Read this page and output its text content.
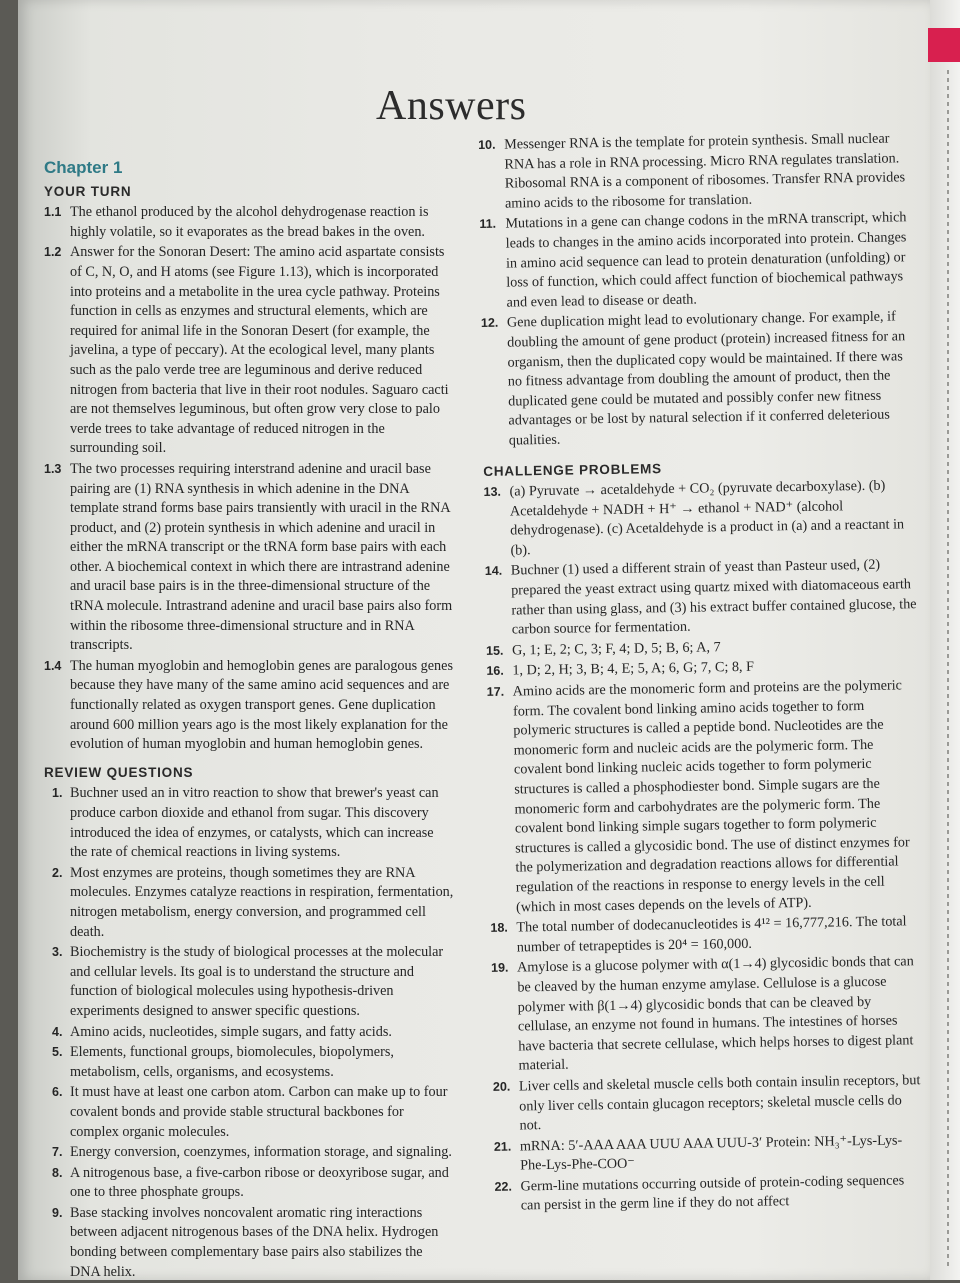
Answers
Chapter 1
YOUR TURN
1.1 The ethanol produced by the alcohol dehydrogenase reaction is highly volatile, so it evaporates as the bread bakes in the oven.

1.2 Answer for the Sonoran Desert: The amino acid aspartate consists of C, N, O, and H atoms (see Figure 1.13), which is incorporated into proteins and a metabolite in the urea cycle pathway. Proteins function in cells as enzymes and structural elements, which are required for animal life in the Sonoran Desert (for example, the javelina, a type of peccary). At the ecological level, many plants such as the palo verde tree are leguminous and derive reduced nitrogen from bacteria that live in their root nodules. Saguaro cacti are not themselves leguminous, but often grow very close to palo verde trees to take advantage of reduced nitrogen in the surrounding soil.

1.3 The two processes requiring interstrand adenine and uracil base pairing are (1) RNA synthesis in which adenine in the DNA template strand forms base pairs transiently with uracil in the RNA product, and (2) protein synthesis in which adenine and uracil in either the mRNA transcript or the tRNA form base pairs with each other. A biochemical context in which there are intrastrand adenine and uracil base pairs is in the three-dimensional structure of the tRNA molecule. Intrastrand adenine and uracil base pairs also form within the ribosome three-dimensional structure and in RNA transcripts.

1.4 The human myoglobin and hemoglobin genes are paralogous genes because they have many of the same amino acid sequences and are functionally related as oxygen transport genes. Gene duplication around 600 million years ago is the most likely explanation for the evolution of human myoglobin and human hemoglobin genes.

REVIEW QUESTIONS
1. Buchner used an in vitro reaction to show that brewer's yeast can produce carbon dioxide and ethanol from sugar. This discovery introduced the idea of enzymes, or catalysts, which can increase the rate of chemical reactions in living systems.

2. Most enzymes are proteins, though sometimes they are RNA molecules. Enzymes catalyze reactions in respiration, fermentation, nitrogen metabolism, energy conversion, and programmed cell death.

3. Biochemistry is the study of biological processes at the molecular and cellular levels. Its goal is to understand the structure and function of biological molecules using hypothesis-driven experiments designed to answer specific questions.

4. Amino acids, nucleotides, simple sugars, and fatty acids.

5. Elements, functional groups, biomolecules, biopolymers, metabolism, cells, organisms, and ecosystems.

6. It must have at least one carbon atom. Carbon can make up to four covalent bonds and provide stable structural backbones for complex organic molecules.

7. Energy conversion, coenzymes, information storage, and signaling.

8. A nitrogenous base, a five-carbon ribose or deoxyribose sugar, and one to three phosphate groups.

9. Base stacking involves noncovalent aromatic ring interactions between adjacent nitrogenous bases of the DNA helix. Hydrogen bonding between complementary base pairs also stabilizes the DNA helix.

10. Messenger RNA is the template for protein synthesis. Small nuclear RNA has a role in RNA processing. Micro RNA regulates translation. Ribosomal RNA is a component of ribosomes. Transfer RNA provides amino acids to the ribosome for translation.

11. Mutations in a gene can change codons in the mRNA transcript, which leads to changes in the amino acids incorporated into protein. Changes in amino acid sequence can lead to protein denaturation (unfolding) or loss of function, which could affect function of biochemical pathways and even lead to disease or death.

12. Gene duplication might lead to evolutionary change. For example, if doubling the amount of gene product (protein) increased fitness for an organism, then the duplicated copy would be maintained. If there was no fitness advantage from doubling the amount of product, then the duplicated gene could be mutated and possibly confer new fitness advantages or be lost by natural selection if it conferred deleterious qualities.

CHALLENGE PROBLEMS
13. (a) Pyruvate → acetaldehyde + CO₂ (pyruvate decarboxylase). (b) Acetaldehyde + NADH + H⁺ → ethanol + NAD⁺ (alcohol dehydrogenase). (c) Acetaldehyde is a product in (a) and a reactant in (b).

14. Buchner (1) used a different strain of yeast than Pasteur used, (2) prepared the yeast extract using quartz mixed with diatomaceous earth rather than using glass, and (3) his extract buffer contained glucose, the carbon source for fermentation.

15. G, 1; E, 2; C, 3; F, 4; D, 5; B, 6; A, 7

16. 1, D; 2, H; 3, B; 4, E; 5, A; 6, G; 7, C; 8, F

17. Amino acids are the monomeric form and proteins are the polymeric form. The covalent bond linking amino acids together to form polymeric structures is called a peptide bond. Nucleotides are the monomeric form and nucleic acids are the polymeric form. The covalent bond linking nucleic acids together to form polymeric structures is called a phosphodiester bond. Simple sugars are the monomeric form and carbohydrates are the polymeric form. The covalent bond linking simple sugars together to form polymeric structures is called a glycosidic bond. The use of distinct enzymes for the polymerization and degradation reactions allows for differential regulation of the reactions in response to energy levels in the cell (which in most cases depends on the levels of ATP).

18. The total number of dodecanucleotides is 4¹² = 16,777,216. The total number of tetrapeptides is 20⁴ = 160,000.

19. Amylose is a glucose polymer with α(1→4) glycosidic bonds that can be cleaved by the human enzyme amylase. Cellulose is a glucose polymer with β(1→4) glycosidic bonds that can be cleaved by cellulase, an enzyme not found in humans. The intestines of horses have bacteria that secrete cellulase, which helps horses to digest plant material.

20. Liver cells and skeletal muscle cells both contain insulin receptors, but only liver cells contain glucagon receptors; skeletal muscle cells do not.

21. mRNA: 5′-AAA AAA UUU AAA UUU-3′ Protein: NH₃⁺-Lys-Lys-Phe-Lys-Phe-COO⁻

22. Germ-line mutations occurring outside of protein-coding sequences can persist in the germ line if they do not affect
